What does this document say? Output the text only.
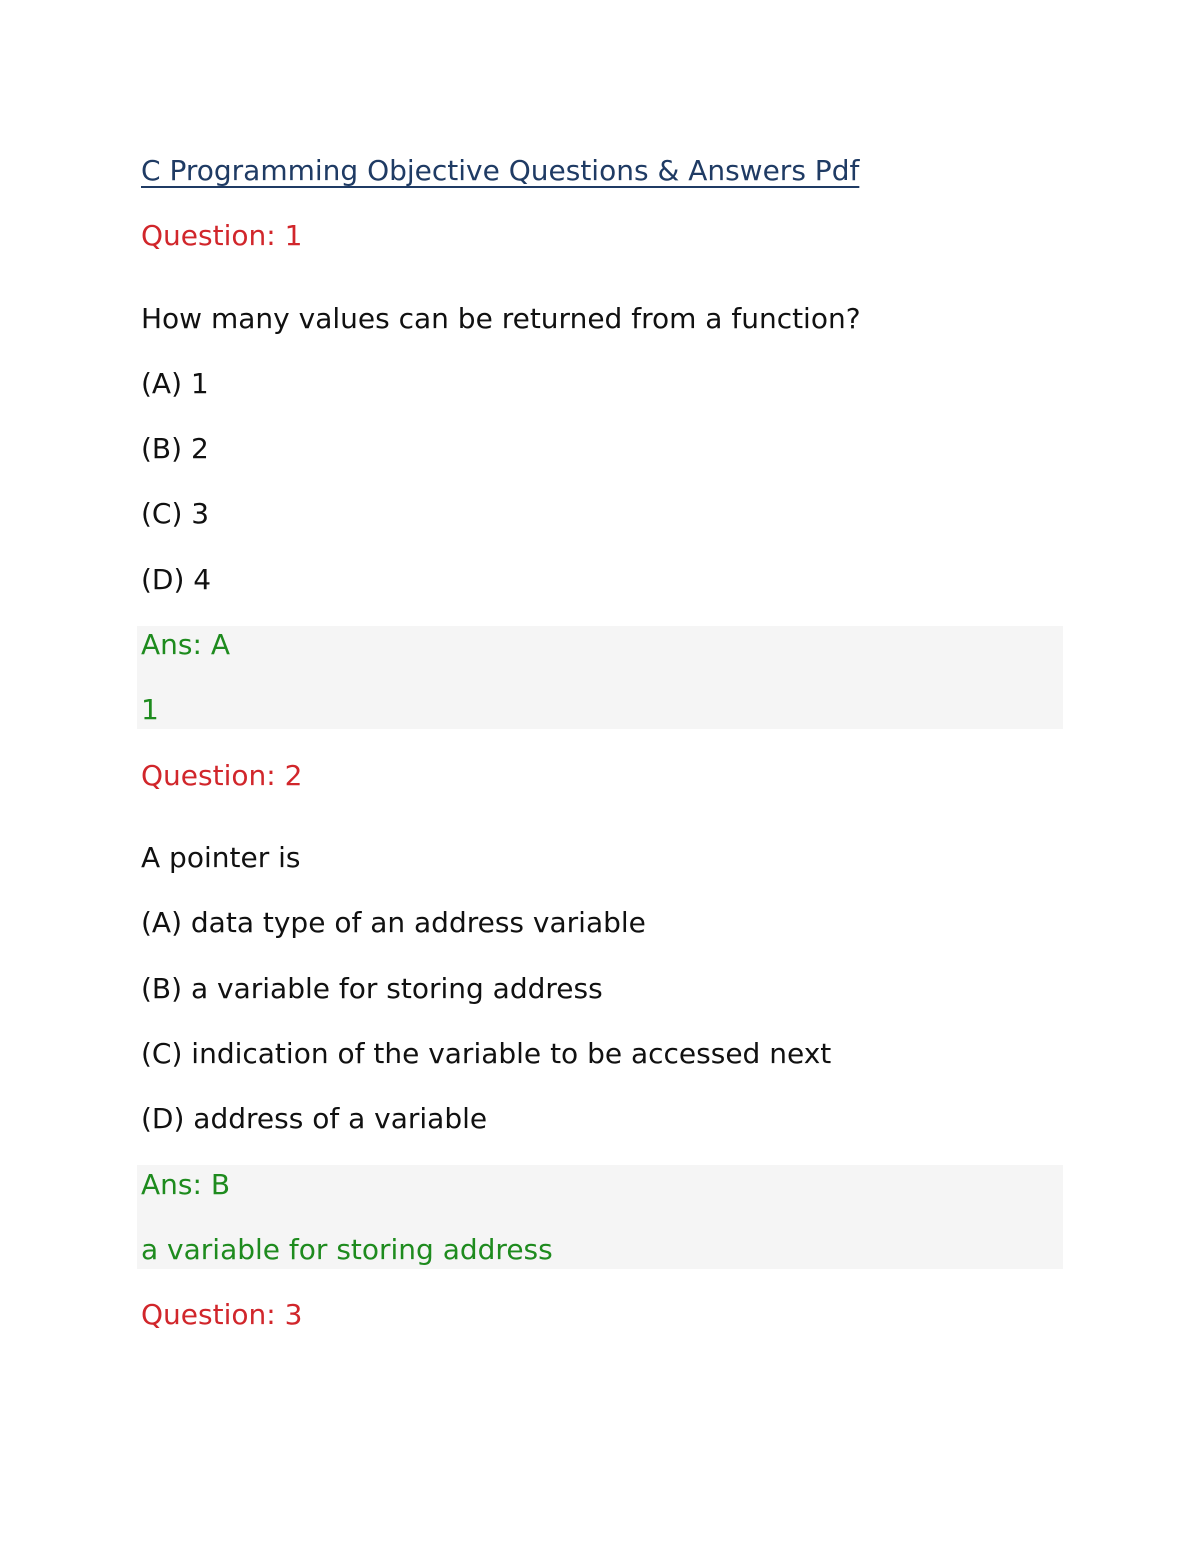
C Programming Objective Questions & Answers Pdf
Question: 1
How many values can be returned from a function?
(A) 1
(B) 2
(C) 3
(D) 4
Ans: A
1
Question: 2
A pointer is
(A) data type of an address variable
(B) a variable for storing address
(C) indication of the variable to be accessed next
(D) address of a variable
Ans: B
a variable for storing address
Question: 3
